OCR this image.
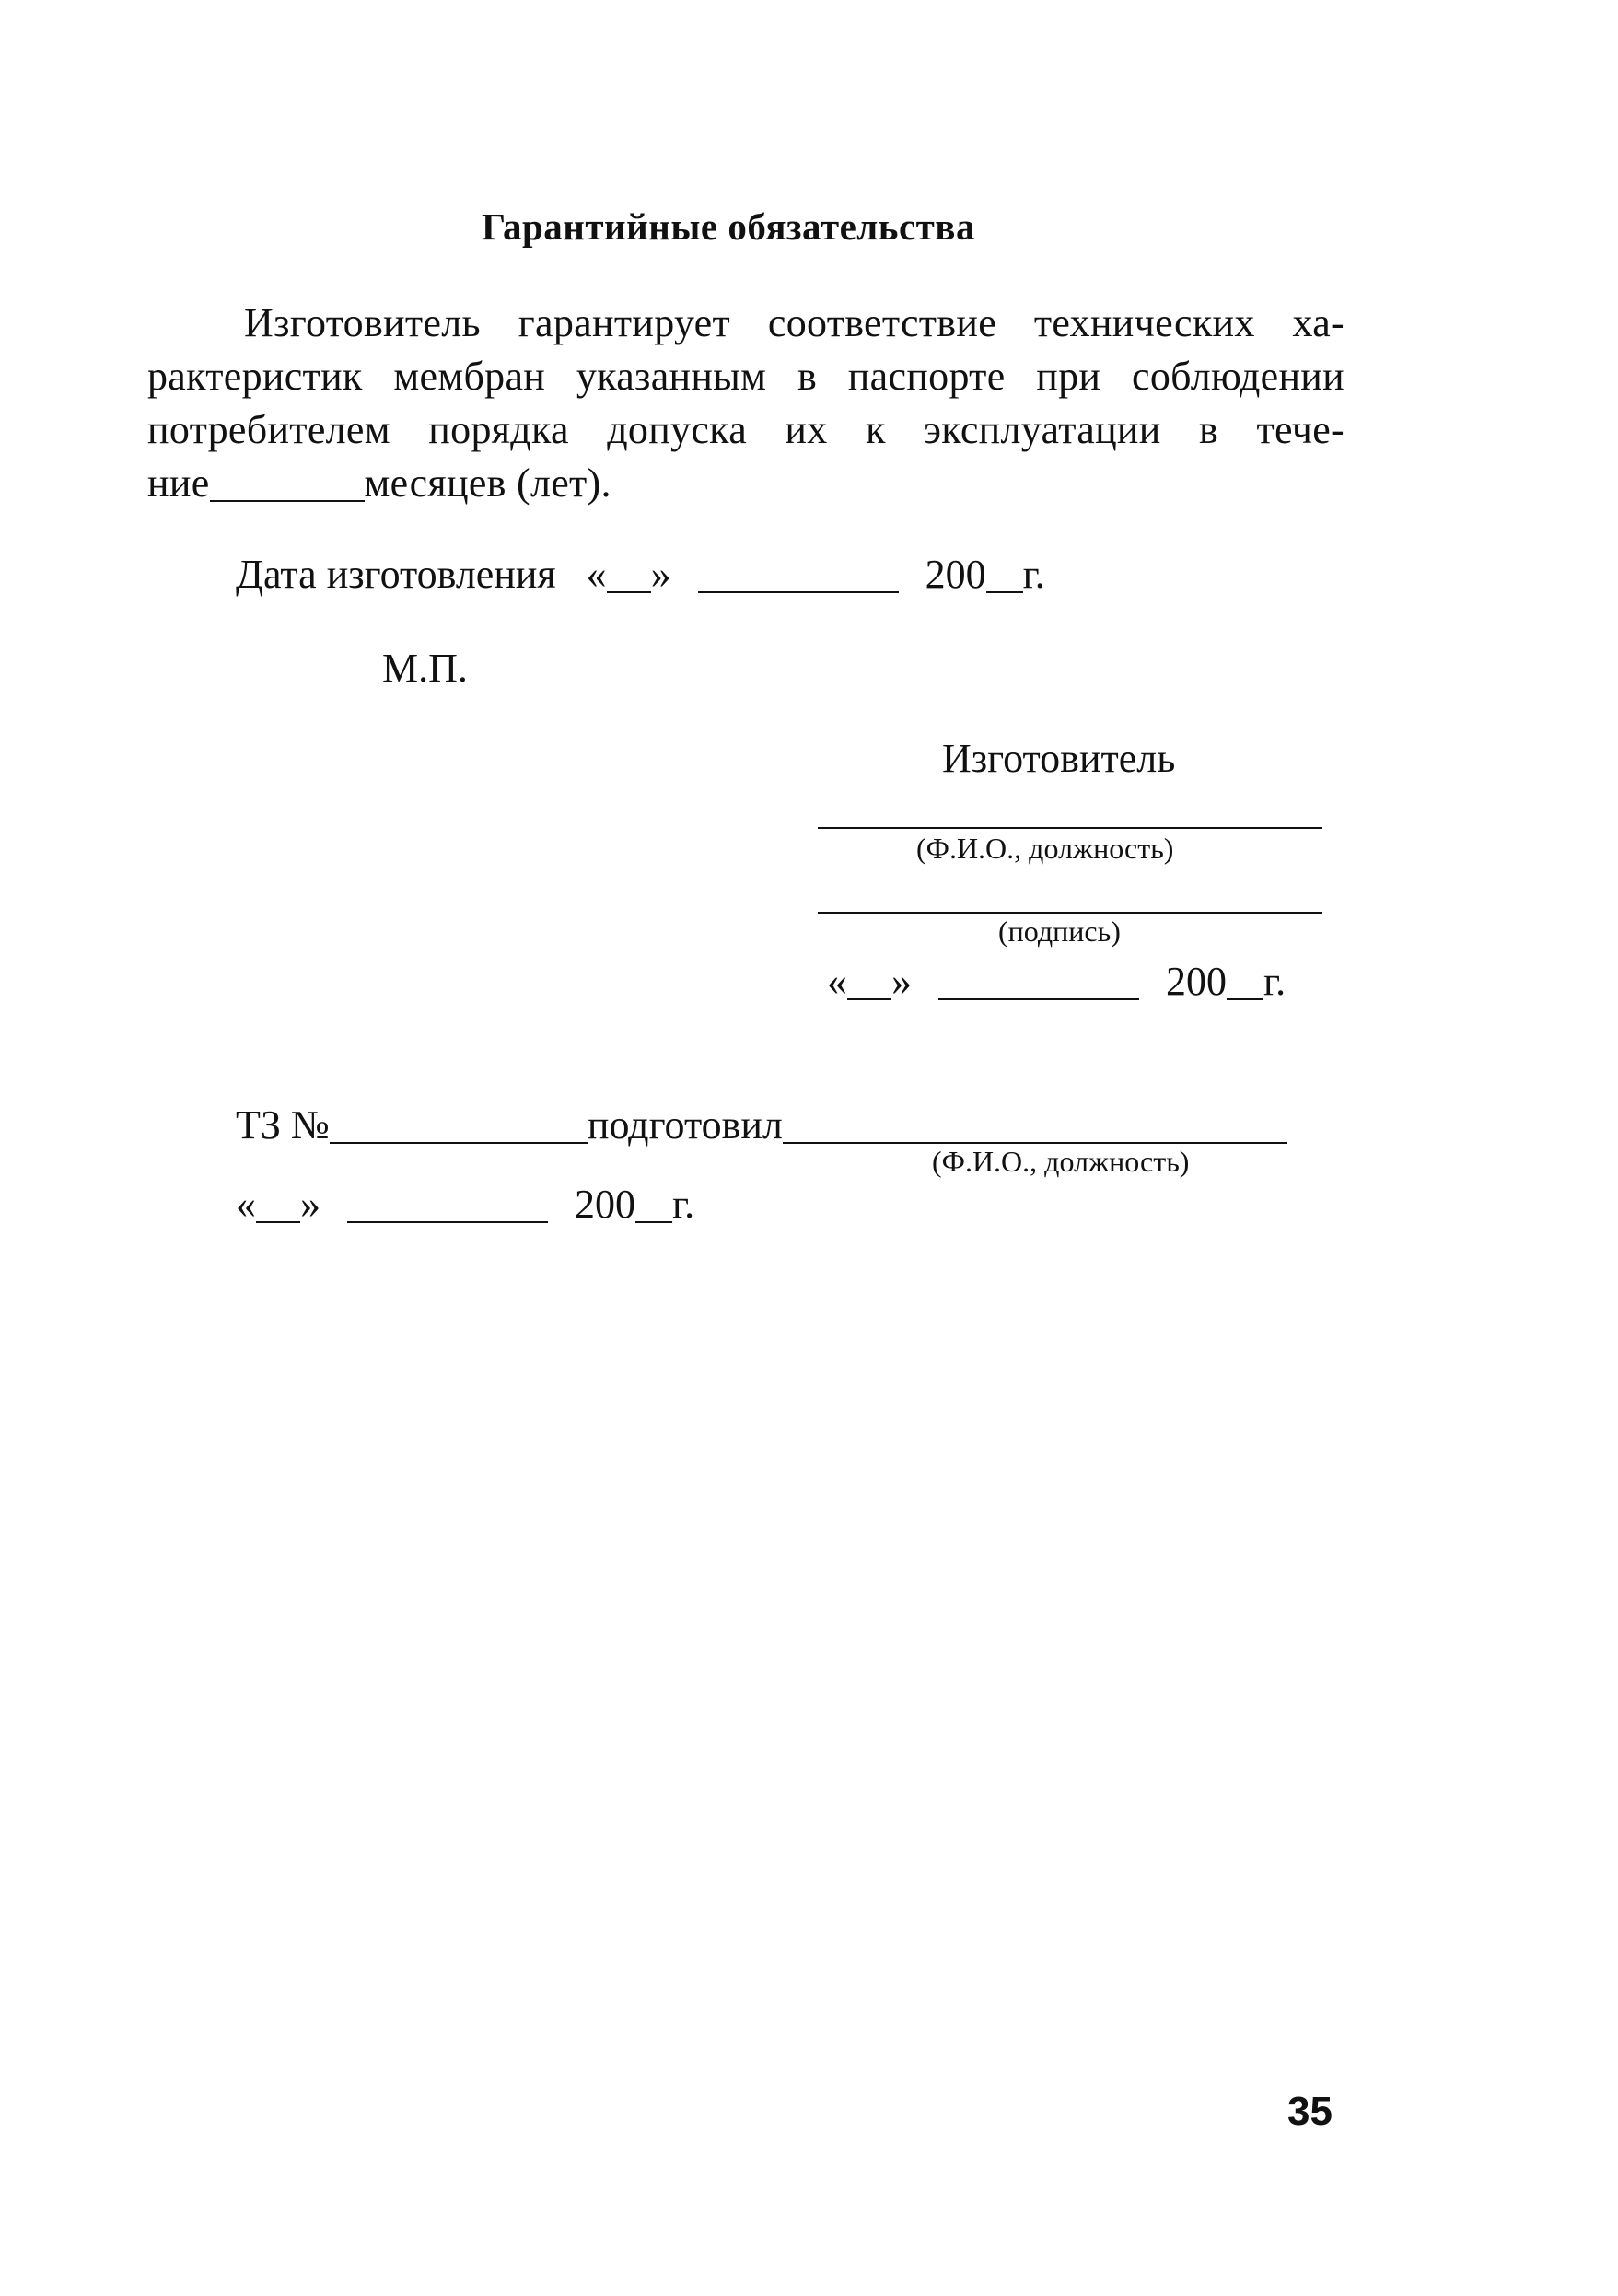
Гарантийные обязательства
Изготовитель гарантирует соответствие технических ха-
рактеристик мембран указанным в паспорте при соблюдении
потребителем порядка допуска их к эксплуатации в тече-
ние	месяцев (лет).
Дата изготовления « »	200 г.
М.П.
Изготовитель
(Ф.И.О., должность)
(подпись)
« »	200 г.
ТЗ №	подготовил
(Ф.И.О., должность)
« »	200 г.
35
